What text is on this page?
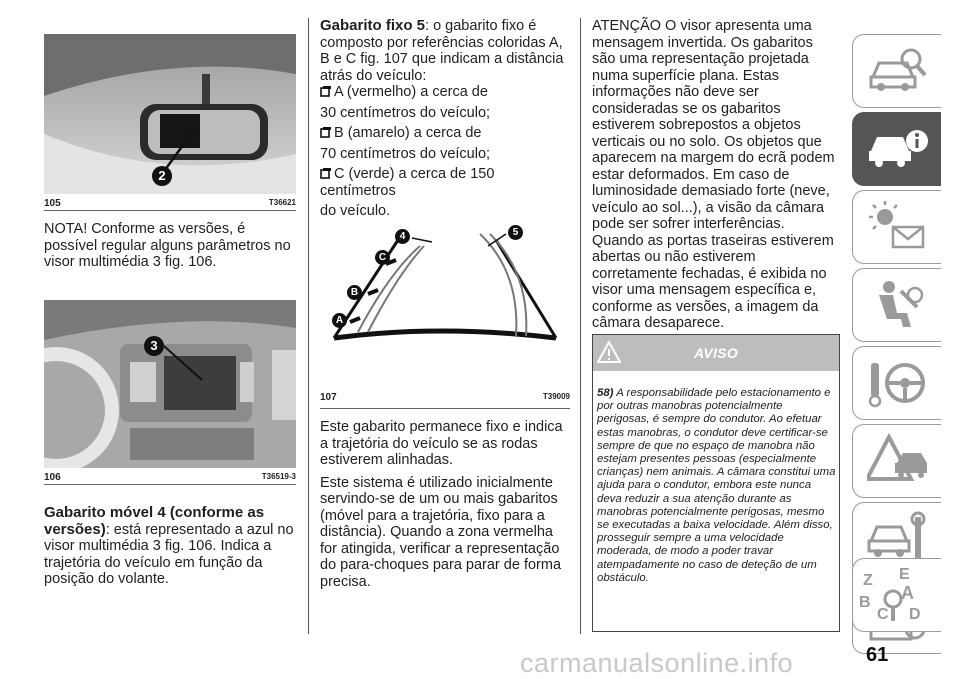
2
105	T36621

NOTA! Conforme as versões, é possível regular alguns parâmetros no visor multimédia 3 fig. 106.

3
106	T36519-3

Gabarito móvel 4 (conforme as versões): está representado a azul no visor multimédia 3 fig. 106. Indica a trajetória do veículo em função da posição do volante.

Gabarito fixo 5: o gabarito fixo é composto por referências coloridas A, B e C fig. 107 que indicam a distância atrás do veículo:

A (vermelho) a cerca de
30 centímetros do veículo;
B (amarelo) a cerca de
70 centímetros do veículo;
C (verde) a cerca de 150 centímetros
do veículo.
4
C
5
B
A
107	T39009

Este gabarito permanece fixo e indica a trajetória do veículo se as rodas estiverem alinhadas.

Este sistema é utilizado inicialmente servindo-se de um ou mais gabaritos (móvel para a trajetória, fixo para a distância). Quando a zona vermelha for atingida, verificar a representação do para-choques para parar de forma precisa.

ATENÇÃO O visor apresenta uma mensagem invertida. Os gabaritos são uma representação projetada numa superfície plana. Estas informações não deve ser consideradas se os gabaritos estiverem sobrepostos a objetos verticais ou no solo. Os objetos que aparecem na margem do ecrã podem estar deformados. Em caso de luminosidade demasiado forte (neve, veículo ao sol...), a visão da câmara pode ser sofrer interferências. Quando as portas traseiras estiverem abertas ou não estiverem corretamente fechadas, é exibida no visor uma mensagem específica e, conforme as versões, a imagem da câmara desaparece.

AVISO
58) A responsabilidade pelo estacionamento e por outras manobras potencialmente perigosas, é sempre do condutor. Ao efetuar estas manobras, o condutor deve certificar-se sempre de que no espaço de manobra não estejam presentes pessoas (especialmente crianças) nem animais. A câmara constitui uma ajuda para o condutor, embora este nunca deva reduzir a sua atenção durante as manobras potencialmente perigosas, mesmo se executadas a baixa velocidade. Além disso, prosseguir sempre a uma velocidade moderada, de modo a poder travar atempadamente no caso de deteção de um obstáculo.	Z E
A
B
C D
carmanualsonline.info	61
